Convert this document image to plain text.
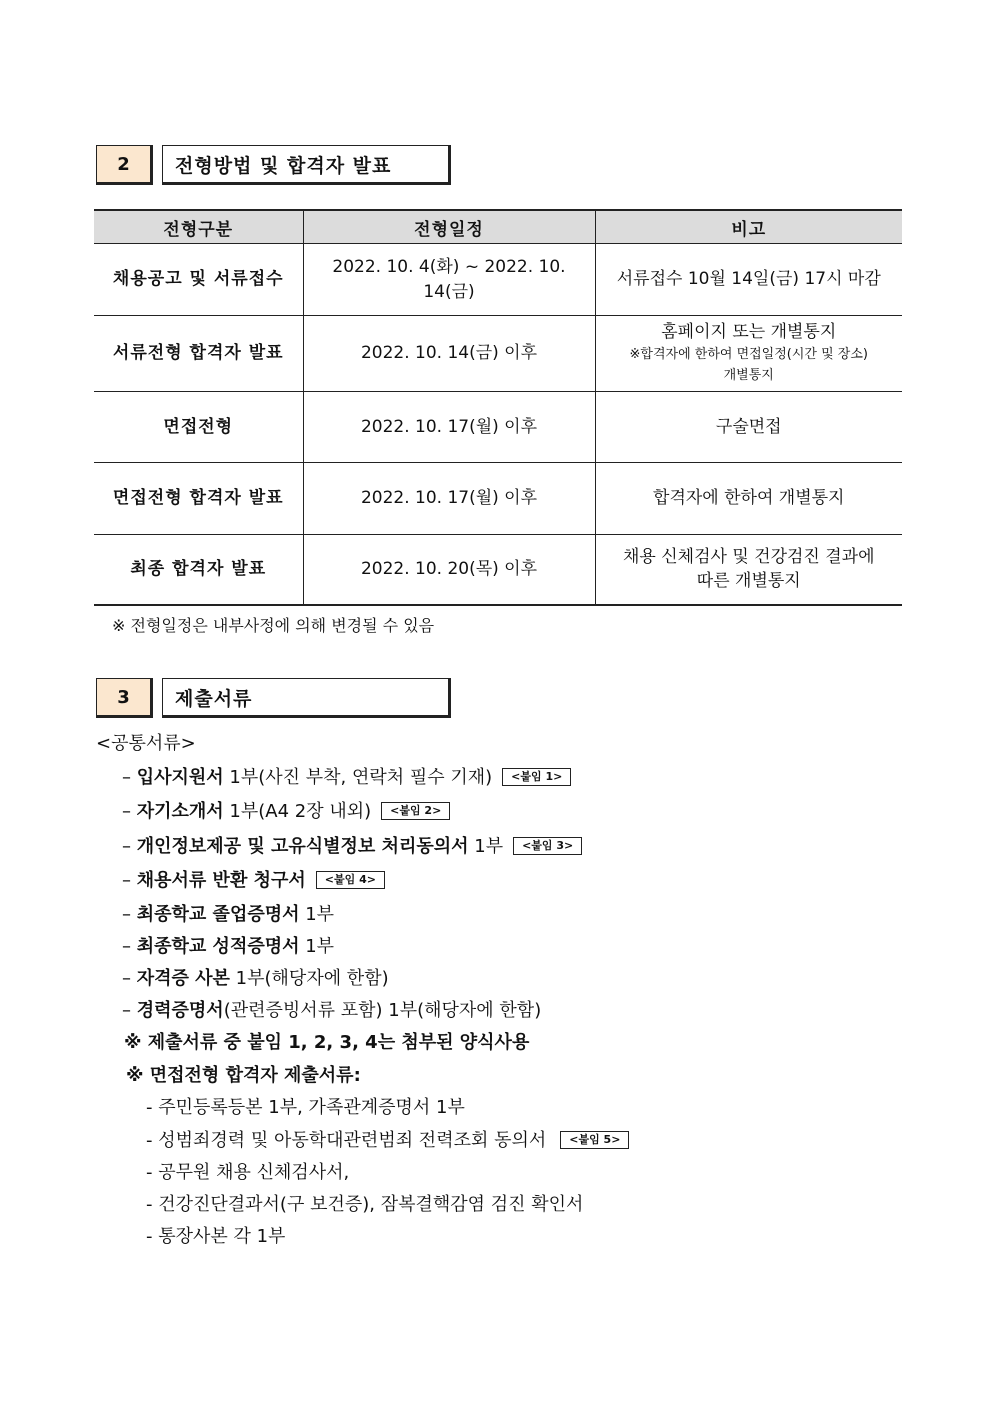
2	전형방법 및 합격자 발표
전형구분	전형일정	비고
채용공고 및 서류접수	2022. 10. 4(화) ~ 2022. 10. 14(금)	서류접수 10월 14일(금) 17시 마감
서류전형 합격자 발표	2022. 10. 14(금) 이후	홈페이지 또는 개별통지
※합격자에 한하여 면접일정(시간 및 장소)
개별통지

면접전형	2022. 10. 17(월) 이후	구술면접
면접전형 합격자 발표	2022. 10. 17(월) 이후	합격자에 한하여 개별통지
최종 합격자 발표	2022. 10. 20(목) 이후	채용 신체검사 및 건강검진 결과에
따른 개별통지
※ 전형일정은 내부사정에 의해 변경될 수 있음
3	제출서류
<공통서류>
– 입사지원서 1부(사진 부착, 연락처 필수 기재) <붙임 1>
– 자기소개서 1부(A4 2장 내외) <붙임 2>
– 개인정보제공 및 고유식별정보 처리동의서 1부 <붙임 3>
– 채용서류 반환 청구서 <붙임 4>
– 최종학교 졸업증명서 1부
– 최종학교 성적증명서 1부
– 자격증 사본 1부(해당자에 한함)
– 경력증명서(관련증빙서류 포함) 1부(해당자에 한함)
※ 제출서류 중 붙임 1, 2, 3, 4는 첨부된 양식사용
※ 면접전형 합격자 제출서류:
- 주민등록등본 1부, 가족관계증명서 1부
- 성범죄경력 및 아동학대관련범죄 전력조회 동의서 <붙임 5>
- 공무원 채용 신체검사서,
- 건강진단결과서(구 보건증), 잠복결핵감염 검진 확인서
- 통장사본 각 1부
